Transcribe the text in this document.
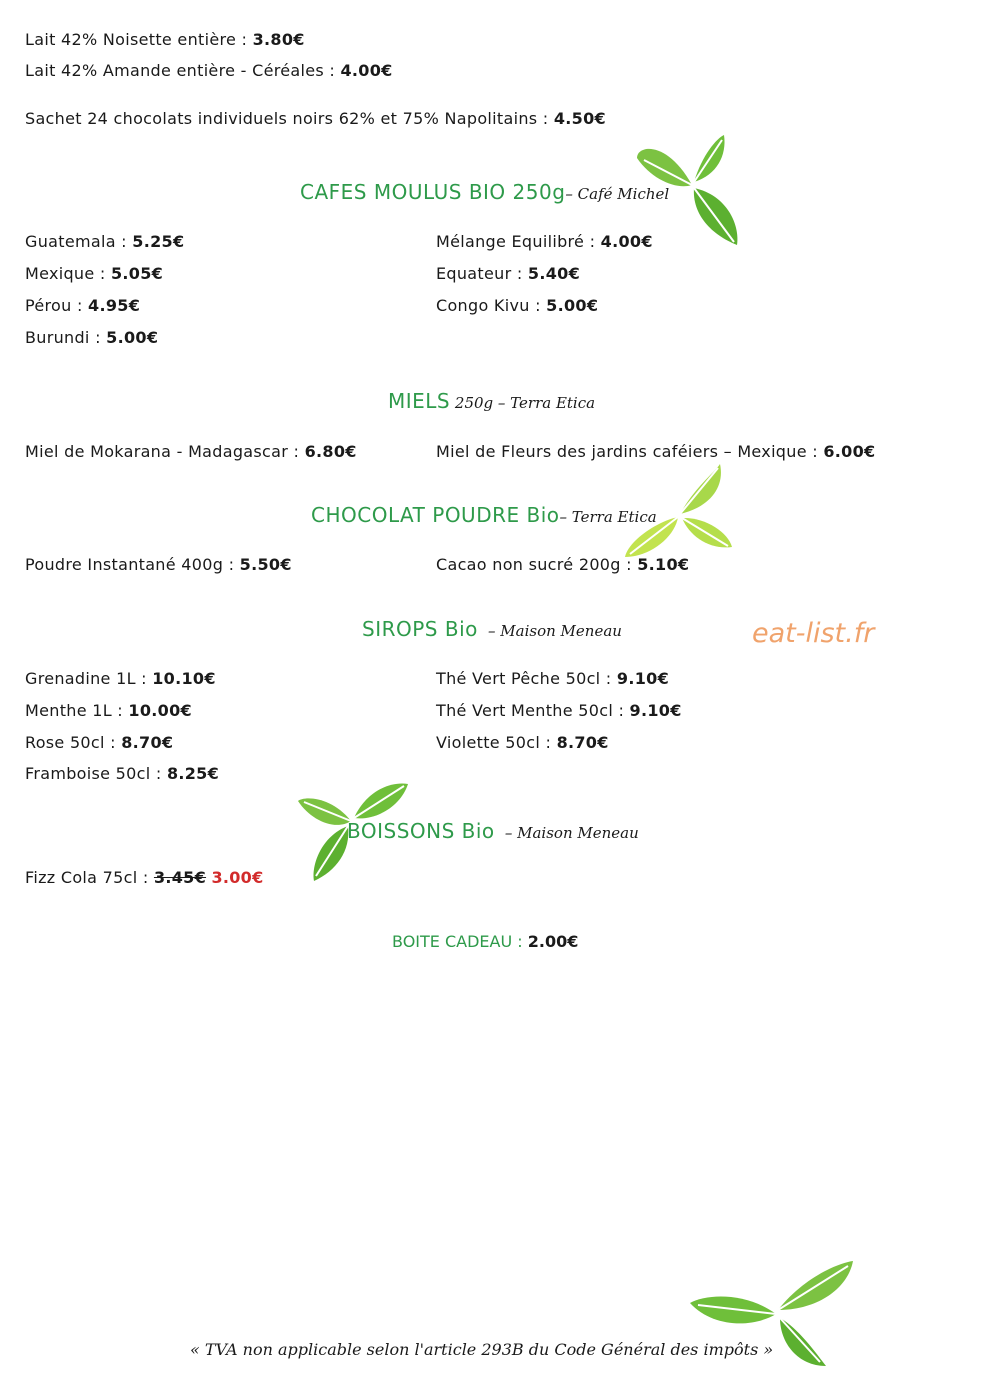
Lait 42% Noisette entière : 3.80€
Lait 42% Amande entière - Céréales : 4.00€
Sachet 24 chocolats individuels noirs 62% et 75% Napolitains : 4.50€
CAFES MOULUS BIO 250g– Café Michel
Guatemala : 5.25€
Mexique : 5.05€
Pérou : 4.95€
Burundi : 5.00€
Mélange Equilibré : 4.00€
Equateur : 5.40€
Congo Kivu : 5.00€
MIELS 250g – Terra Etica
Miel de Mokarana - Madagascar : 6.80€	Miel de Fleurs des jardins caféiers – Mexique : 6.00€
CHOCOLAT POUDRE Bio– Terra Etica
Poudre Instantané 400g : 5.50€	Cacao non sucré 200g : 5.10€
SIROPS Bio – Maison Meneau	eat-list.fr
Grenadine 1L : 10.10€
Menthe 1L : 10.00€
Rose 50cl : 8.70€
Framboise 50cl : 8.25€
Thé Vert Pêche 50cl : 9.10€
Thé Vert Menthe 50cl : 9.10€
Violette 50cl : 8.70€
BOISSONS Bio – Maison Meneau
Fizz Cola 75cl : 3.45€ 3.00€
BOITE CADEAU : 2.00€
« TVA non applicable selon l'article 293B du Code Général des impôts »
